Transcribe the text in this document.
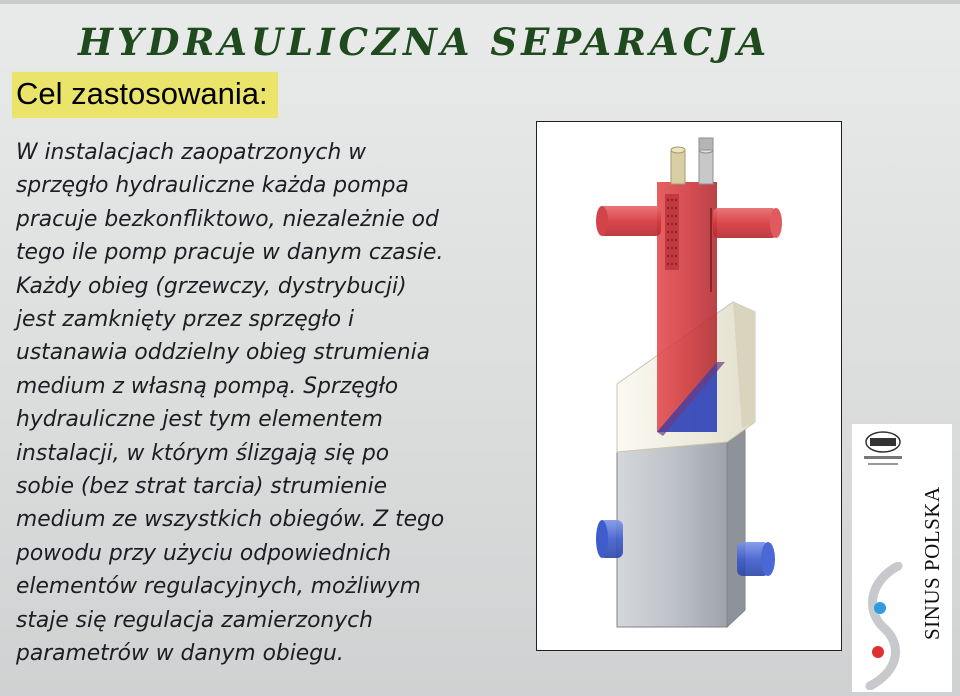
HYDRAULICZNA SEPARACJA
Cel zastosowania:
W instalacjach zaopatrzonych w
sprzęgło hydrauliczne każda pompa
pracuje bezkonfliktowo, niezależnie od
tego ile pomp pracuje w danym czasie.
Każdy obieg (grzewczy, dystrybucji)
jest zamknięty przez sprzęgło i
ustanawia oddzielny obieg strumienia
medium z własną pompą. Sprzęgło
hydrauliczne jest tym elementem
instalacji, w którym ślizgają się po
sobie (bez strat tarcia) strumienie
medium ze wszystkich obiegów. Z tego
powodu przy użyciu odpowiednich
elementów regulacyjnych, możliwym
staje się regulacja zamierzonych
parametrów w danym obiegu.
SINUS POLSKA
